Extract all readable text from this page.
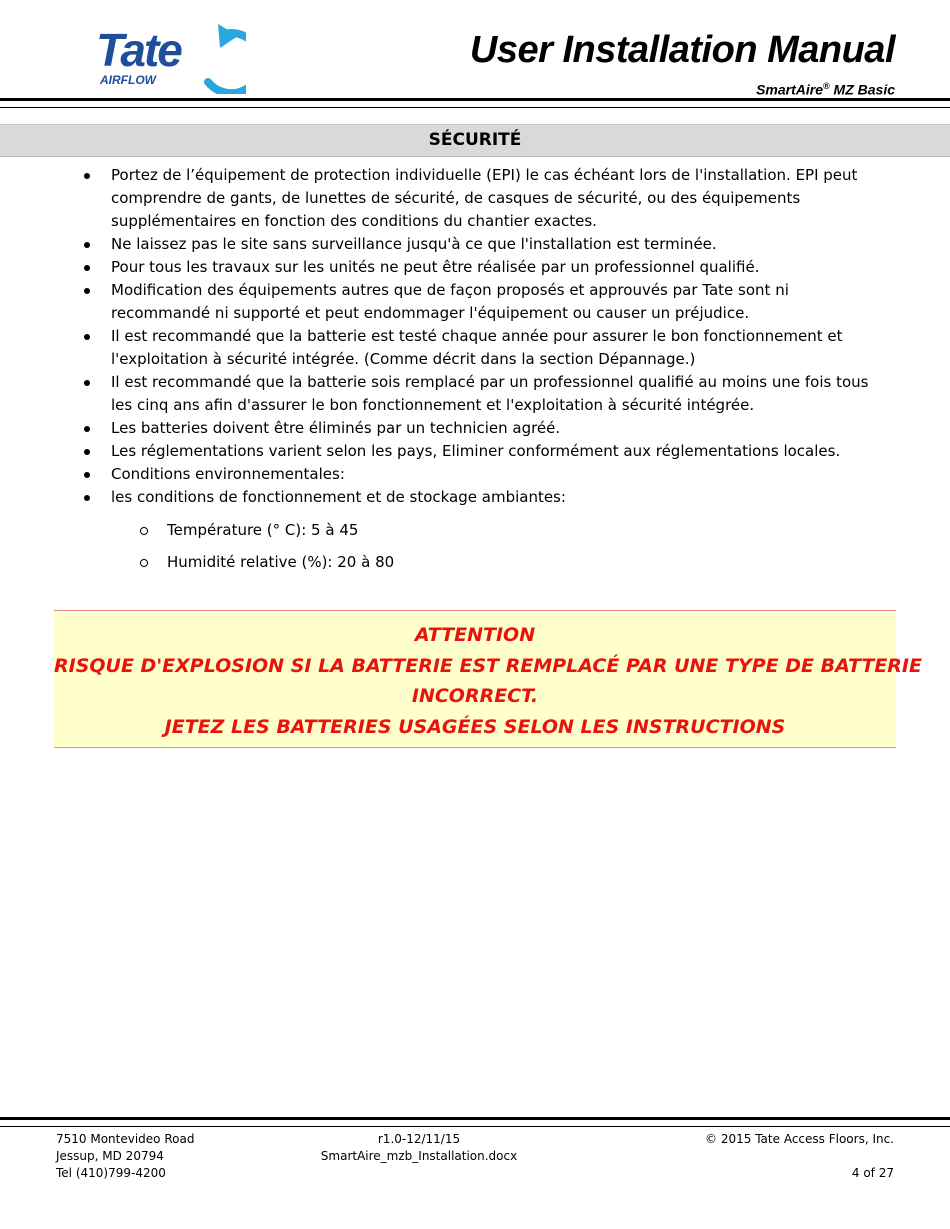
Tate
AIRFLOW
User Installation Manual
SmartAire® MZ Basic
SÉCURITÉ
Portez de l’équipement de protection individuelle (EPI) le cas échéant lors de l'installation. EPI peut comprendre de gants, de lunettes de sécurité, de casques de sécurité, ou des équipements supplémentaires en fonction des conditions du chantier exactes.
Ne laissez pas le site sans surveillance jusqu'à ce que l'installation est terminée.
Pour tous les travaux sur les unités ne peut être réalisée par un professionnel qualifié.
Modification des équipements autres que de façon proposés et approuvés par Tate sont ni recommandé ni supporté et peut endommager l'équipement ou causer un préjudice.
Il est recommandé que la batterie est testé chaque année pour assurer le bon fonctionnement et l'exploitation à sécurité intégrée. (Comme décrit dans la section Dépannage.)
Il est recommandé que la batterie sois remplacé par un professionnel qualifié au moins une fois tous les cinq ans afin d'assurer le bon fonctionnement et l'exploitation à sécurité intégrée.
Les batteries doivent être éliminés par un technicien agréé.
Les réglementations varient selon les pays, Eliminer conformément aux réglementations locales.
Conditions environnementales:
les conditions de fonctionnement et de stockage ambiantes:
Température (° C): 5 à 45
Humidité relative (%): 20 à 80
ATTENTION
RISQUE D'EXPLOSION SI LA BATTERIE EST REMPLACÉ PAR UNE TYPE DE BATTERIE
INCORRECT.
JETEZ LES BATTERIES USAGÉES SELON LES INSTRUCTIONS
7510 Montevideo Road
Jessup, MD 20794
Tel (410)799-4200
r1.0-12/11/15
SmartAire_mzb_Installation.docx
© 2015 Tate Access Floors, Inc.

4 of 27
